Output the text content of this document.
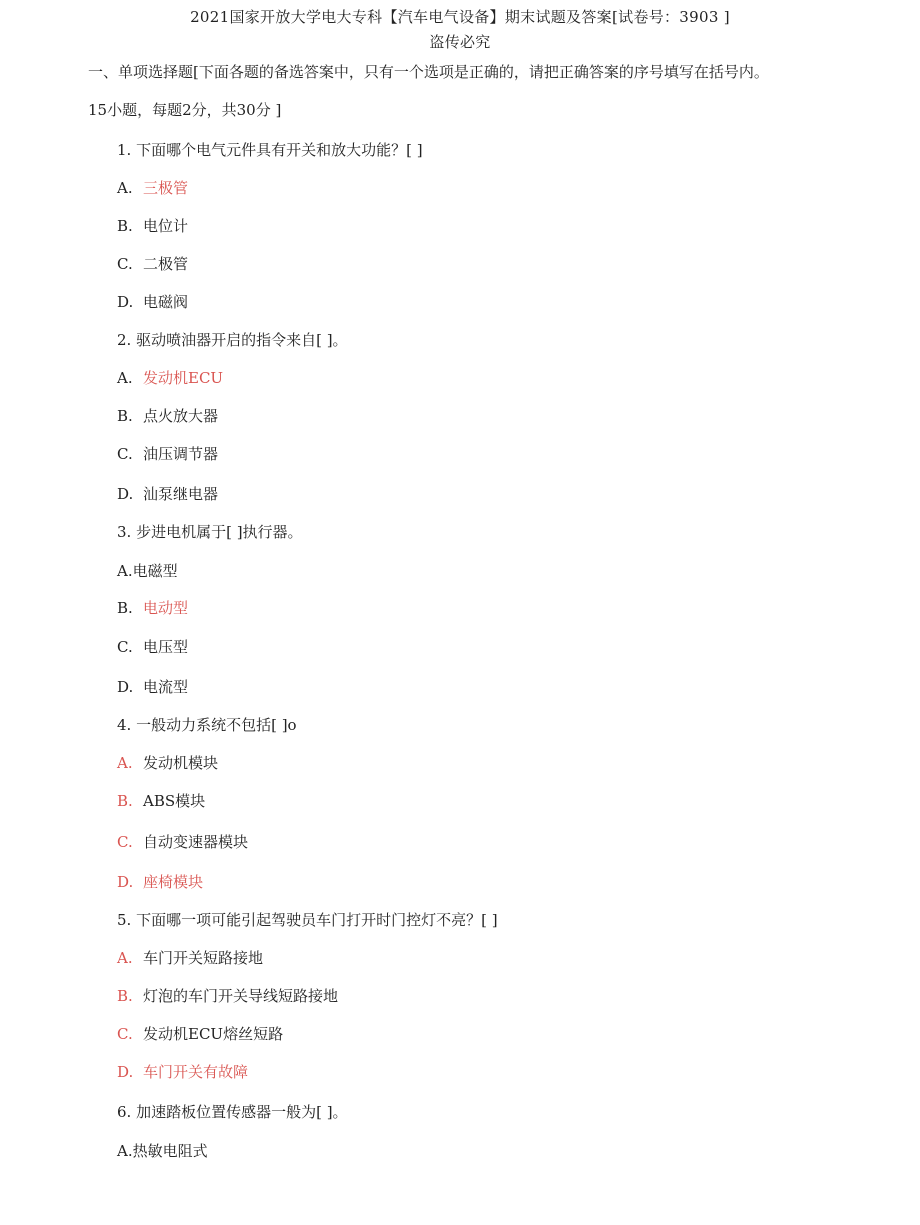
2021国家开放大学电大专科【汽车电气设备】期末试题及答案[试卷号：3903 ]
盗传必究
一、单项选择题[下面各题的备选答案中，只有一个选项是正确的，请把正确答案的序号填写在括号内。
15小题，每题2分，共30分 ]
1. 下面哪个电气元件具有开关和放大功能？[ ]
A. 三极管
B. 电位计
C. 二极管
D. 电磁阀
2. 驱动喷油器开启的指令来自[ ]。
A. 发动机ECU
B. 点火放大器
C. 油压调节器
D. 汕泵继电器
3. 步进电机属于[ ]执行器。
A.电磁型
B. 电动型
C. 电压型
D. 电流型
4. 一般动力系统不包括[ ]o
A. 发动机模块
B. ABS模块
C. 自动变速器模块
D. 座椅模块
5. 下面哪一项可能引起驾驶员车门打开时门控灯不亮？[ ]
A. 车门开关短路接地
B. 灯泡的车门开关导线短路接地
C. 发动机ECU熔丝短路
D. 车门开关有故障
6. 加速踏板位置传感器一般为[ ]。
A.热敏电阻式
